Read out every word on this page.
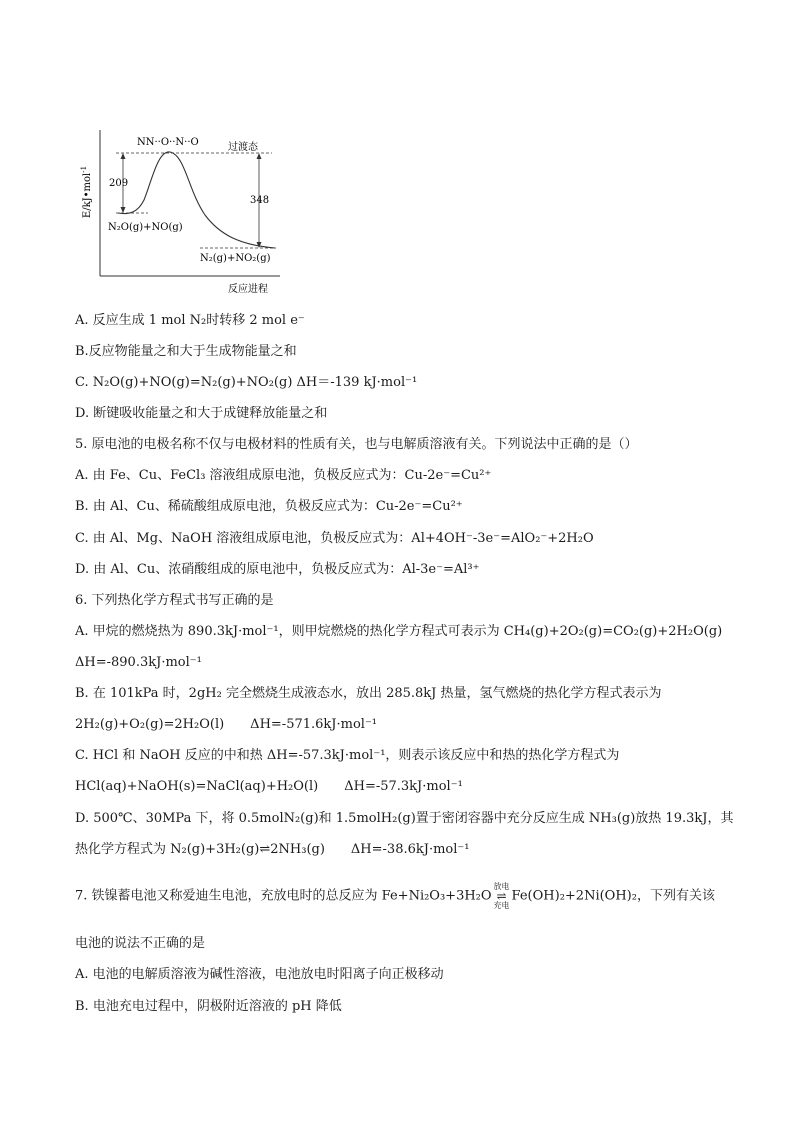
E/kJ•mol$^{-1}$
209
348
NN··O··N··O	过渡态
N₂O(g)+NO(g)
N₂(g)+NO₂(g)
反应进程
A. 反应生成 1 mol N₂时转移 2 mol e⁻
B.反应物能量之和大于生成物能量之和
C. N₂O(g)+NO(g)=N₂(g)+NO₂(g) ΔH＝-139 kJ·mol⁻¹
D. 断键吸收能量之和大于成键释放能量之和
5. 原电池的电极名称不仅与电极材料的性质有关，也与电解质溶液有关。下列说法中正确的是（）
A. 由 Fe、Cu、FeCl₃ 溶液组成原电池，负极反应式为：Cu-2e⁻=Cu²⁺
B. 由 Al、Cu、稀硫酸组成原电池，负极反应式为：Cu-2e⁻=Cu²⁺
C. 由 Al、Mg、NaOH 溶液组成原电池，负极反应式为：Al+4OH⁻-3e⁻=AlO₂⁻+2H₂O
D. 由 Al、Cu、浓硝酸组成的原电池中，负极反应式为：Al-3e⁻=Al³⁺
6. 下列热化学方程式书写正确的是
A. 甲烷的燃烧热为 890.3kJ·mol⁻¹，则甲烷燃烧的热化学方程式可表示为 CH₄(g)+2O₂(g)=CO₂(g)+2H₂O(g)
ΔH=-890.3kJ·mol⁻¹
B. 在 101kPa 时，2gH₂ 完全燃烧生成液态水，放出 285.8kJ 热量，氢气燃烧的热化学方程式表示为
2H₂(g)+O₂(g)=2H₂O(l)　　ΔH=-571.6kJ·mol⁻¹
C. HCl 和 NaOH 反应的中和热 ΔH=-57.3kJ·mol⁻¹，则表示该反应中和热的热化学方程式为
HCl(aq)+NaOH(s)=NaCl(aq)+H₂O(l)　　ΔH=-57.3kJ·mol⁻¹
D. 500℃、30MPa 下，将 0.5molN₂(g)和 1.5molH₂(g)置于密闭容器中充分反应生成 NH₃(g)放热 19.3kJ，其
热化学方程式为 N₂(g)+3H₂(g)⇌2NH₃(g)　　ΔH=-38.6kJ·mol⁻¹
7. 铁镍蓄电池又称爱迪生电池，充放电时的总反应为 Fe+Ni₂O₃+3H₂O
放电
⇌
充电
Fe(OH)₂+2Ni(OH)₂，下列有关该
电池的说法不正确的是
A. 电池的电解质溶液为碱性溶液，电池放电时阳离子向正极移动
B. 电池充电过程中，阴极附近溶液的 pH 降低
